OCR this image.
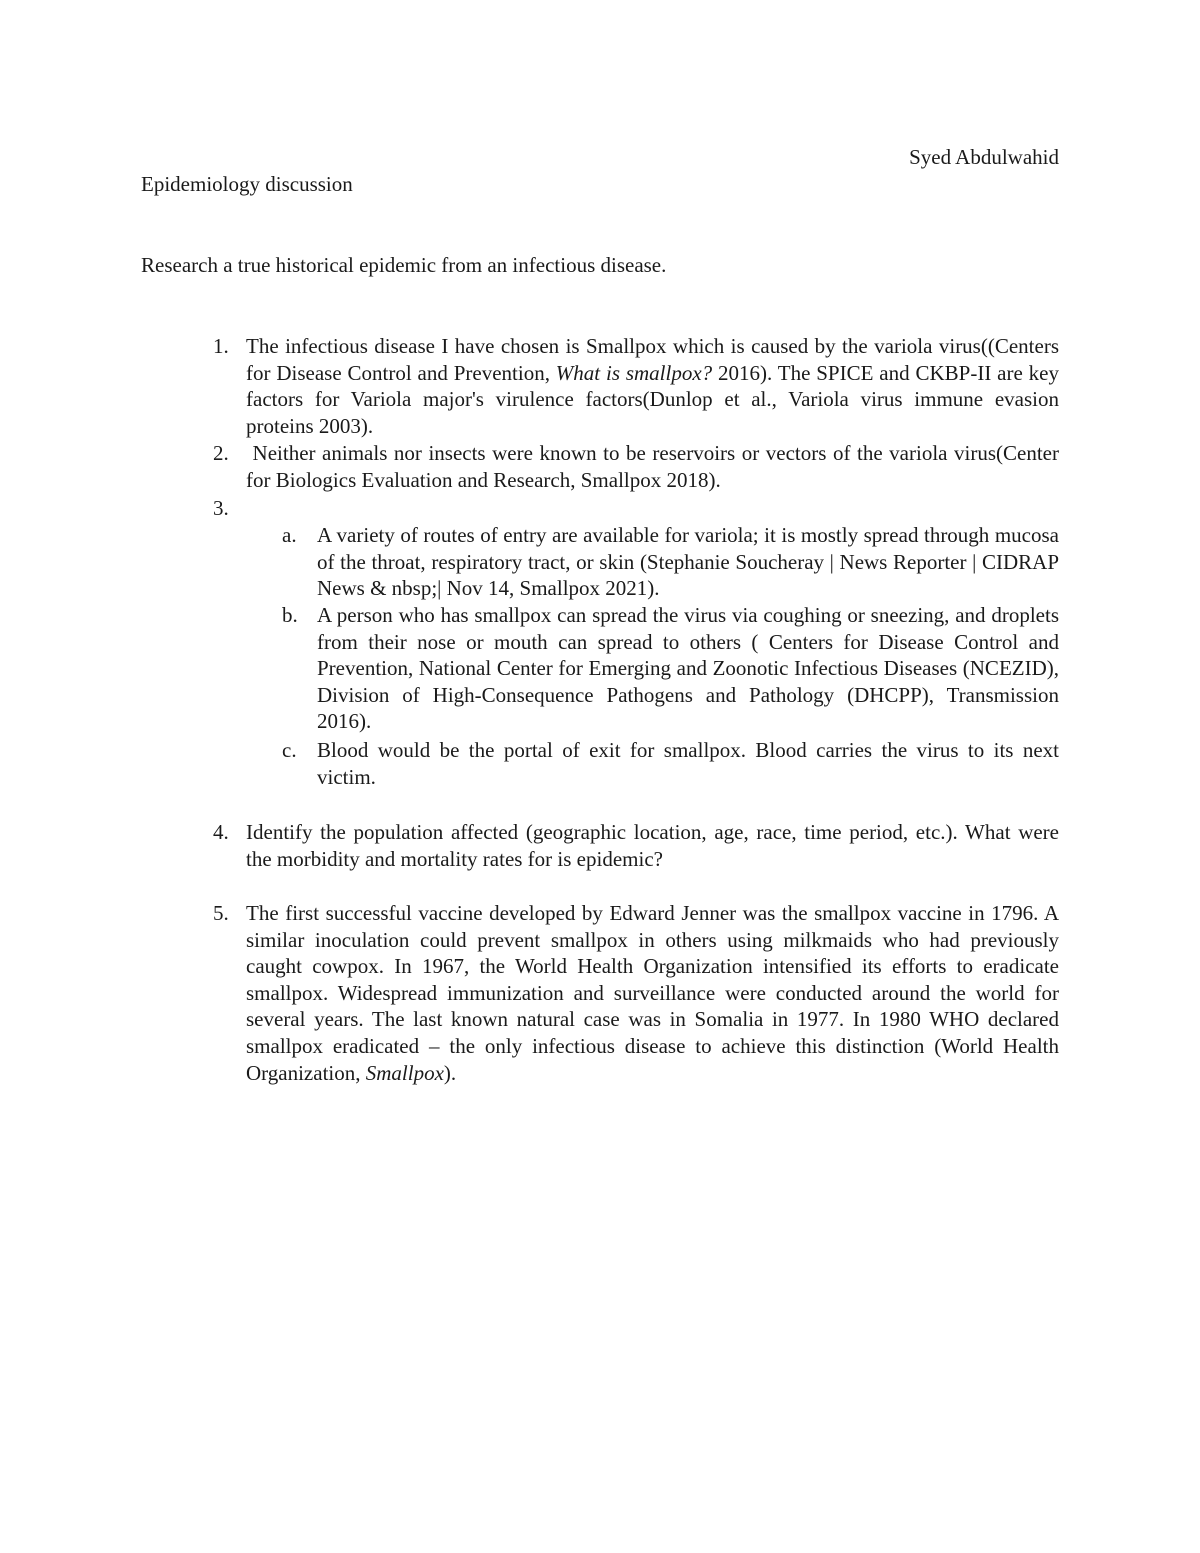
Syed Abdulwahid
Epidemiology discussion
Research a true historical epidemic from an infectious disease.
1. The infectious disease I have chosen is Smallpox which is caused by the variola virus((Centers for Disease Control and Prevention, What is smallpox? 2016). The SPICE and CKBP-II are key factors for Variola major's virulence factors(Dunlop et al., Variola virus immune evasion proteins 2003).
2. Neither animals nor insects were known to be reservoirs or vectors of the variola virus(Center for Biologics Evaluation and Research, Smallpox 2018).
3.
a. A variety of routes of entry are available for variola; it is mostly spread through mucosa of the throat, respiratory tract, or skin (Stephanie Soucheray | News Reporter | CIDRAP News & nbsp;| Nov 14, Smallpox 2021).
b. A person who has smallpox can spread the virus via coughing or sneezing, and droplets from their nose or mouth can spread to others ( Centers for Disease Control and Prevention, National Center for Emerging and Zoonotic Infectious Diseases (NCEZID), Division of High-Consequence Pathogens and Pathology (DHCPP), Transmission 2016).
c. Blood would be the portal of exit for smallpox. Blood carries the virus to its next victim.
4. Identify the population affected (geographic location, age, race, time period, etc.). What were the morbidity and mortality rates for is epidemic?
5. The first successful vaccine developed by Edward Jenner was the smallpox vaccine in 1796. A similar inoculation could prevent smallpox in others using milkmaids who had previously caught cowpox. In 1967, the World Health Organization intensified its efforts to eradicate smallpox. Widespread immunization and surveillance were conducted around the world for several years. The last known natural case was in Somalia in 1977. In 1980 WHO declared smallpox eradicated – the only infectious disease to achieve this distinction (World Health Organization, Smallpox).
